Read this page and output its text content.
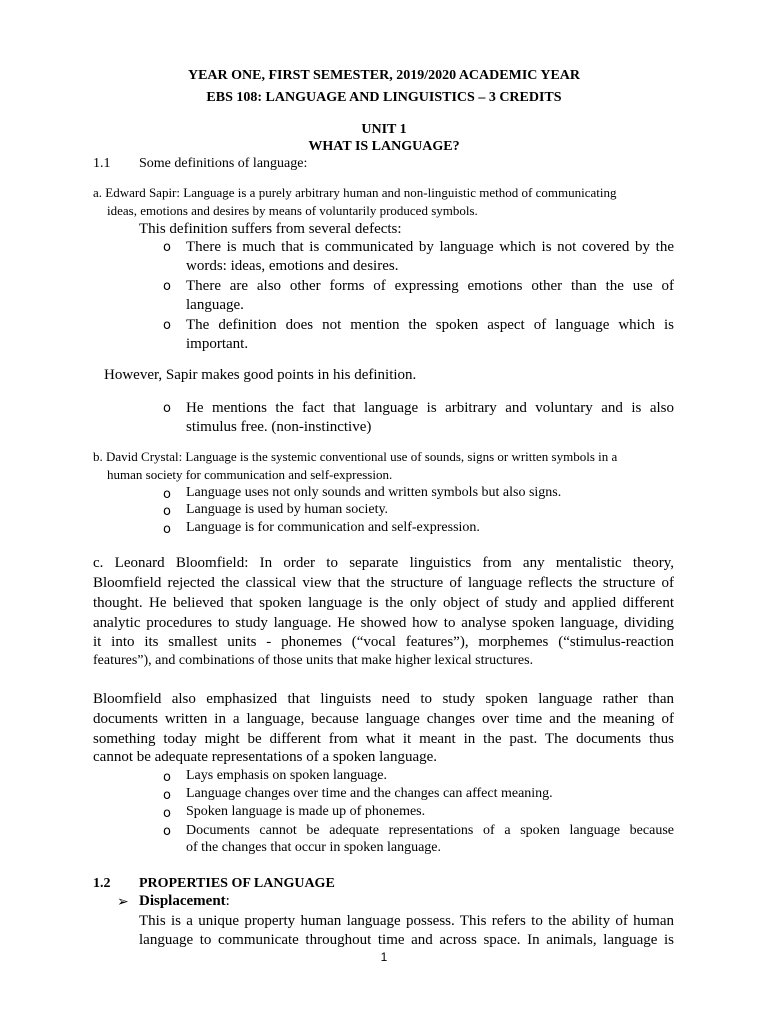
YEAR ONE, FIRST SEMESTER, 2019/2020 ACADEMIC YEAR
EBS 108: LANGUAGE AND LINGUISTICS – 3 CREDITS
UNIT 1
WHAT IS LANGUAGE?
1.1 Some definitions of language:
a. Edward Sapir: Language is a purely arbitrary human and non-linguistic method of communicating
ideas, emotions and desires by means of voluntarily produced symbols.
This definition suffers from several defects:
o There is much that is communicated by language which is not covered by the
words: ideas, emotions and desires.
o There are also other forms of expressing emotions other than the use of
language.
o The definition does not mention the spoken aspect of language which is
important.
However, Sapir makes good points in his definition.
o He mentions the fact that language is arbitrary and voluntary and is also
stimulus free. (non-instinctive)
b. David Crystal: Language is the systemic conventional use of sounds, signs or written symbols in a
human society for communication and self-expression.
o Language uses not only sounds and written symbols but also signs.
o Language is used by human society.
o Language is for communication and self-expression.
c. Leonard Bloomfield: In order to separate linguistics from any mentalistic theory,
Bloomfield rejected the classical view that the structure of language reflects the structure of
thought. He believed that spoken language is the only object of study and applied different
analytic procedures to study language. He showed how to analyse spoken language, dividing
it into its smallest units - phonemes (“vocal features”), morphemes (“stimulus-reaction
features”), and combinations of those units that make higher lexical structures.
Bloomfield also emphasized that linguists need to study spoken language rather than
documents written in a language, because language changes over time and the meaning of
something today might be different from what it meant in the past. The documents thus
cannot be adequate representations of a spoken language.
o Lays emphasis on spoken language.
o Language changes over time and the changes can affect meaning.
o Spoken language is made up of phonemes.
o Documents cannot be adequate representations of a spoken language because
of the changes that occur in spoken language.
1.2 PROPERTIES OF LANGUAGE
➢ Displacement:
This is a unique property human language possess. This refers to the ability of human
language to communicate throughout time and across space. In animals, language is
1
